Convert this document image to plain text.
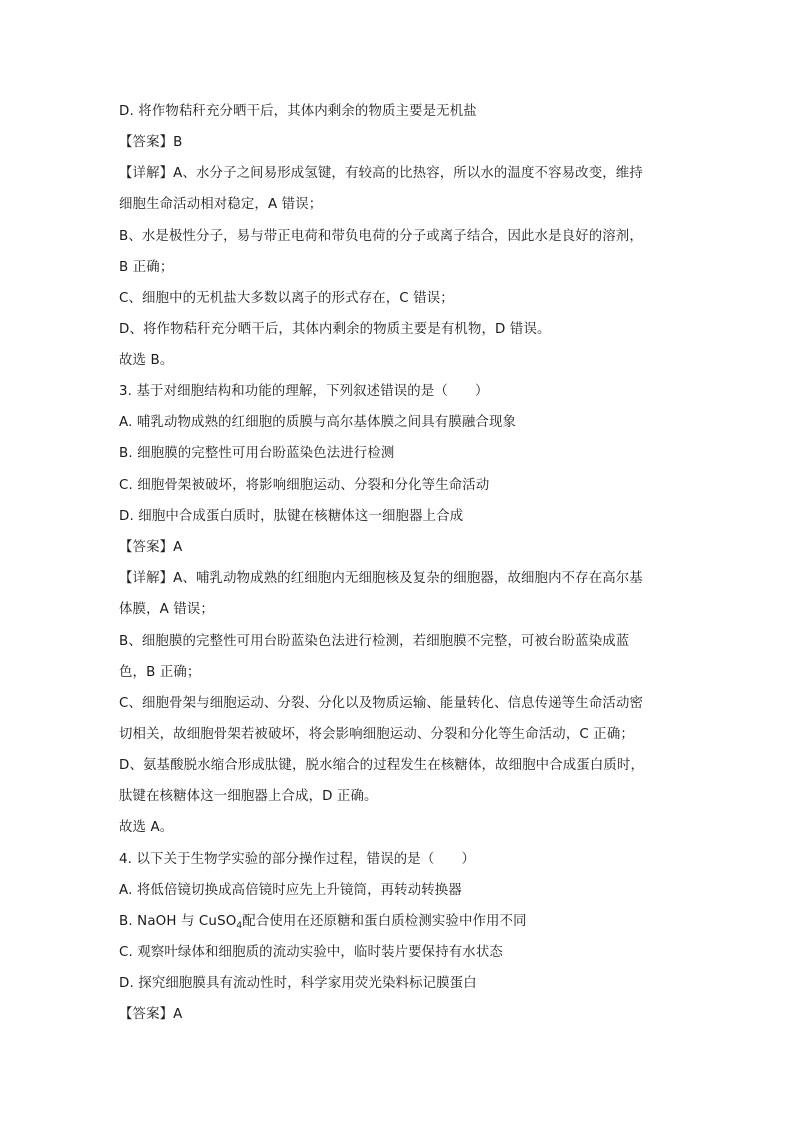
D. 将作物秸秆充分晒干后，其体内剩余的物质主要是无机盐
【答案】B
【详解】A、水分子之间易形成氢键，有较高的比热容，所以水的温度不容易改变，维持
细胞生命活动相对稳定，A 错误；
B、水是极性分子，易与带正电荷和带负电荷的分子或离子结合，因此水是良好的溶剂，
B 正确；
C、细胞中的无机盐大多数以离子的形式存在，C 错误；
D、将作物秸秆充分晒干后，其体内剩余的物质主要是有机物，D 错误。
故选 B。
3. 基于对细胞结构和功能的理解，下列叙述错误的是（　　）
A. 哺乳动物成熟的红细胞的质膜与高尔基体膜之间具有膜融合现象
B. 细胞膜的完整性可用台盼蓝染色法进行检测
C. 细胞骨架被破坏，将影响细胞运动、分裂和分化等生命活动
D. 细胞中合成蛋白质时，肽键在核糖体这一细胞器上合成
【答案】A
【详解】A、哺乳动物成熟的红细胞内无细胞核及复杂的细胞器，故细胞内不存在高尔基
体膜，A 错误；
B、细胞膜的完整性可用台盼蓝染色法进行检测，若细胞膜不完整，可被台盼蓝染成蓝
色，B 正确；
C、细胞骨架与细胞运动、分裂、分化以及物质运输、能量转化、信息传递等生命活动密
切相关，故细胞骨架若被破坏，将会影响细胞运动、分裂和分化等生命活动，C 正确；
D、氨基酸脱水缩合形成肽键，脱水缩合的过程发生在核糖体，故细胞中合成蛋白质时，
肽键在核糖体这一细胞器上合成，D 正确。
故选 A。
4. 以下关于生物学实验的部分操作过程，错误的是（　　）
A. 将低倍镜切换成高倍镜时应先上升镜筒，再转动转换器
B. NaOH 与 CuSO$_4$配合使用在还原糖和蛋白质检测实验中作用不同
C. 观察叶绿体和细胞质的流动实验中，临时装片要保持有水状态
D. 探究细胞膜具有流动性时，科学家用荧光染料标记膜蛋白
【答案】A
